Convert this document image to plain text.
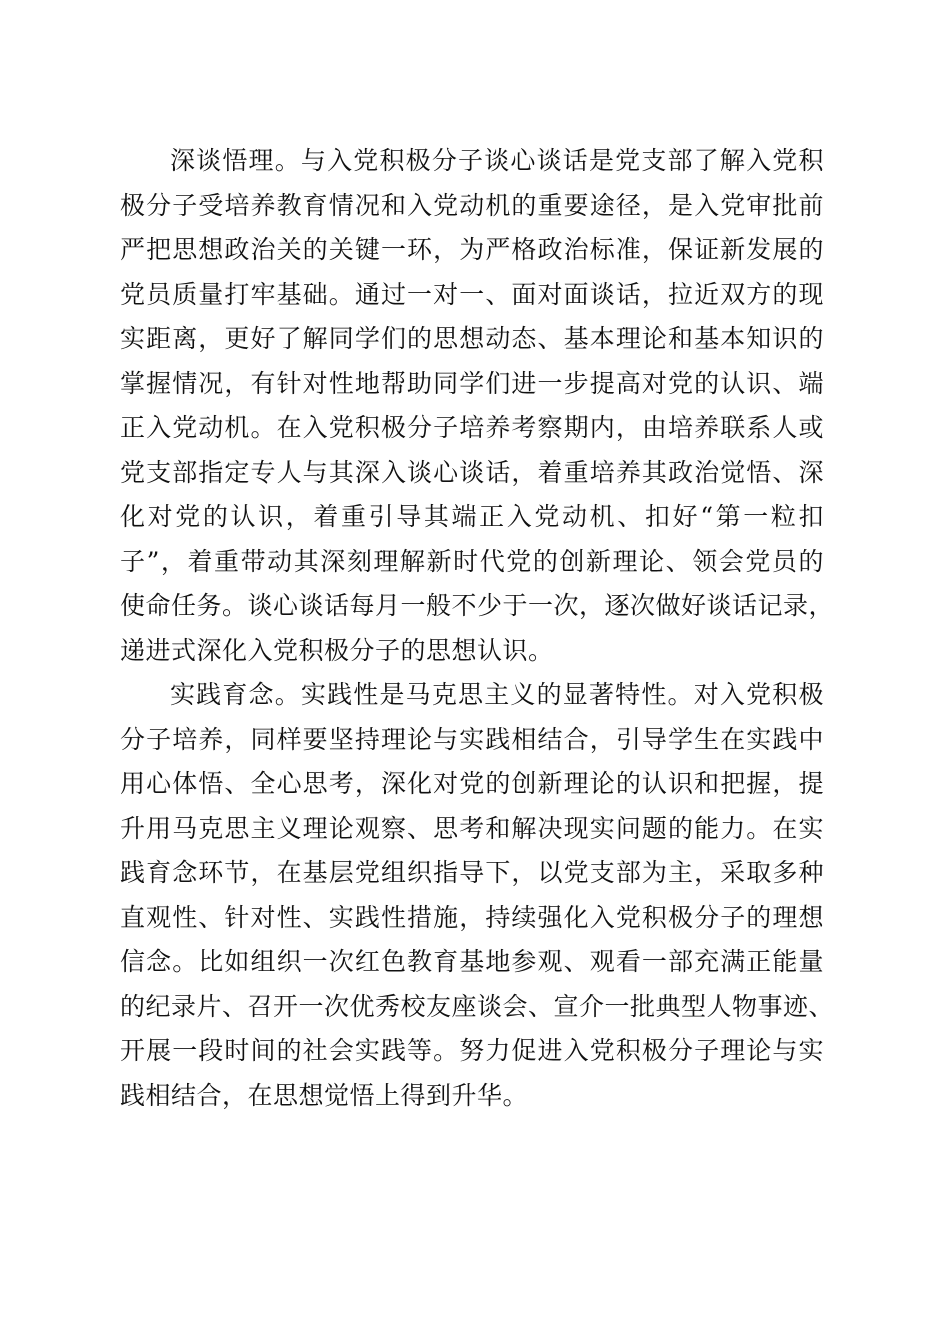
深谈悟理。与入党积极分子谈心谈话是党支部了解入党积
极分子受培养教育情况和入党动机的重要途径，是入党审批前
严把思想政治关的关键一环，为严格政治标准，保证新发展的
党员质量打牢基础。通过一对一、面对面谈话，拉近双方的现
实距离，更好了解同学们的思想动态、基本理论和基本知识的
掌握情况，有针对性地帮助同学们进一步提高对党的认识、端
正入党动机。在入党积极分子培养考察期内，由培养联系人或
党支部指定专人与其深入谈心谈话，着重培养其政治觉悟、深
化对党的认识，着重引导其端正入党动机、扣好“第一粒扣
子”，着重带动其深刻理解新时代党的创新理论、领会党员的
使命任务。谈心谈话每月一般不少于一次，逐次做好谈话记录，
递进式深化入党积极分子的思想认识。
实践育念。实践性是马克思主义的显著特性。对入党积极
分子培养，同样要坚持理论与实践相结合，引导学生在实践中
用心体悟、全心思考，深化对党的创新理论的认识和把握，提
升用马克思主义理论观察、思考和解决现实问题的能力。在实
践育念环节，在基层党组织指导下，以党支部为主，采取多种
直观性、针对性、实践性措施，持续强化入党积极分子的理想
信念。比如组织一次红色教育基地参观、观看一部充满正能量
的纪录片、召开一次优秀校友座谈会、宣介一批典型人物事迹、
开展一段时间的社会实践等。努力促进入党积极分子理论与实
践相结合，在思想觉悟上得到升华。
